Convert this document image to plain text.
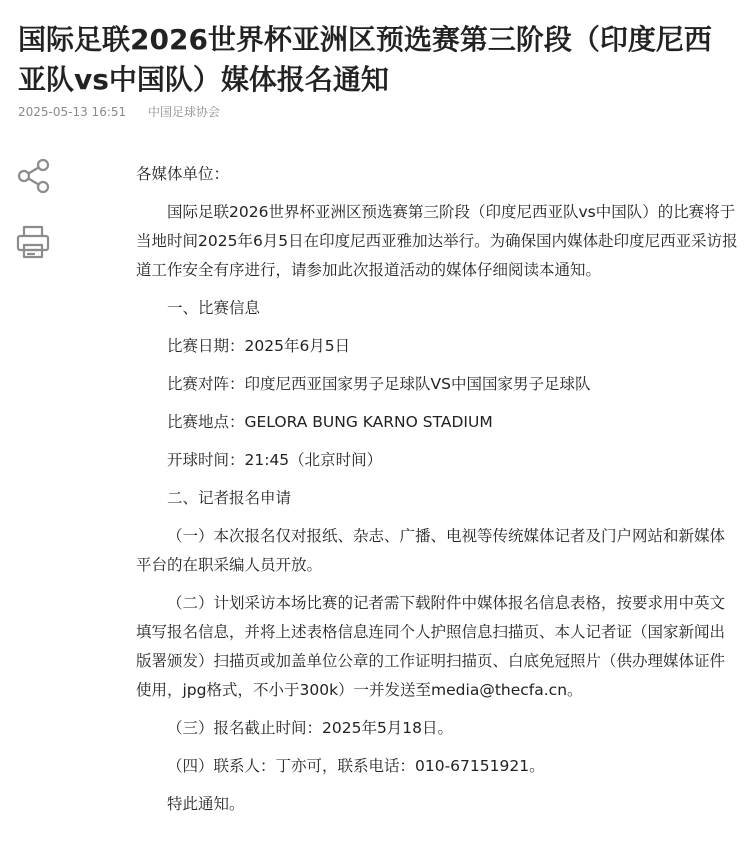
国际足联2026世界杯亚洲区预选赛第三阶段（印度尼西亚队vs中国队）媒体报名通知
2025-05-13 16:51 中国足球协会

各媒体单位：

国际足联2026世界杯亚洲区预选赛第三阶段（印度尼西亚队vs中国队）的比赛将于当地时间2025年6月5日在印度尼西亚雅加达举行。为确保国内媒体赴印度尼西亚采访报道工作安全有序进行，请参加此次报道活动的媒体仔细阅读本通知。

一、比赛信息

比赛日期：2025年6月5日

比赛对阵：印度尼西亚国家男子足球队VS中国国家男子足球队

比赛地点：GELORA BUNG KARNO STADIUM

开球时间：21:45（北京时间）

二、记者报名申请

（一）本次报名仅对报纸、杂志、广播、电视等传统媒体记者及门户网站和新媒体平台的在职采编人员开放。

（二）计划采访本场比赛的记者需下载附件中媒体报名信息表格，按要求用中英文填写报名信息，并将上述表格信息连同个人护照信息扫描页、本人记者证（国家新闻出版署颁发）扫描页或加盖单位公章的工作证明扫描页、白底免冠照片（供办理媒体证件使用，jpg格式，不小于300k）一并发送至media@thecfa.cn。

（三）报名截止时间：2025年5月18日。

（四）联系人：丁亦可，联系电话：010-67151921。

特此通知。
